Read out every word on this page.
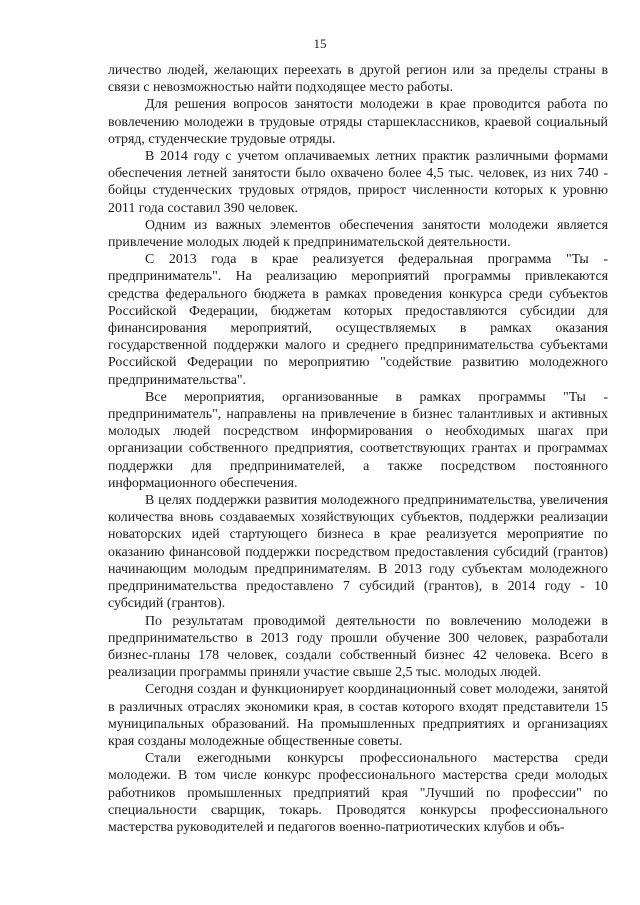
15

личество людей, желающих переехать в другой регион или за пределы страны в связи с невозможностью найти подходящее место работы.

Для решения вопросов занятости молодежи в крае проводится работа по вовлечению молодежи в трудовые отряды старшеклассников, краевой социальный отряд, студенческие трудовые отряды.

В 2014 году с учетом оплачиваемых летних практик различными формами обеспечения летней занятости было охвачено более 4,5 тыс. человек, из них 740 - бойцы студенческих трудовых отрядов, прирост численности которых к уровню 2011 года составил 390 человек.

Одним из важных элементов обеспечения занятости молодежи является привлечение молодых людей к предпринимательской деятельности.

С 2013 года в крае реализуется федеральная программа "Ты - предприниматель". На реализацию мероприятий программы привлекаются средства федерального бюджета в рамках проведения конкурса среди субъектов Российской Федерации, бюджетам которых предоставляются субсидии для финансирования мероприятий, осуществляемых в рамках оказания государственной поддержки малого и среднего предпринимательства субъектами Российской Федерации по мероприятию "содействие развитию молодежного предпринимательства".

Все мероприятия, организованные в рамках программы "Ты - предприниматель", направлены на привлечение в бизнес талантливых и активных молодых людей посредством информирования о необходимых шагах при организации собственного предприятия, соответствующих грантах и программах поддержки для предпринимателей, а также посредством постоянного информационного обеспечения.

В целях поддержки развития молодежного предпринимательства, увеличения количества вновь создаваемых хозяйствующих субъектов, поддержки реализации новаторских идей стартующего бизнеса в крае реализуется мероприятие по оказанию финансовой поддержки посредством предоставления субсидий (грантов) начинающим молодым предпринимателям. В 2013 году субъектам молодежного предпринимательства предоставлено 7 субсидий (грантов), в 2014 году - 10 субсидий (грантов).

По результатам проводимой деятельности по вовлечению молодежи в предпринимательство в 2013 году прошли обучение 300 человек, разработали бизнес-планы 178 человек, создали собственный бизнес 42 человека. Всего в реализации программы приняли участие свыше 2,5 тыс. молодых людей.

Сегодня создан и функционирует координационный совет молодежи, занятой в различных отраслях экономики края, в состав которого входят представители 15 муниципальных образований. На промышленных предприятиях и организациях края созданы молодежные общественные советы.

Стали ежегодными конкурсы профессионального мастерства среди молодежи. В том числе конкурс профессионального мастерства среди молодых работников промышленных предприятий края "Лучший по профессии" по специальности сварщик, токарь. Проводятся конкурсы профессионального мастерства руководителей и педагогов военно-патриотических клубов и объ-
